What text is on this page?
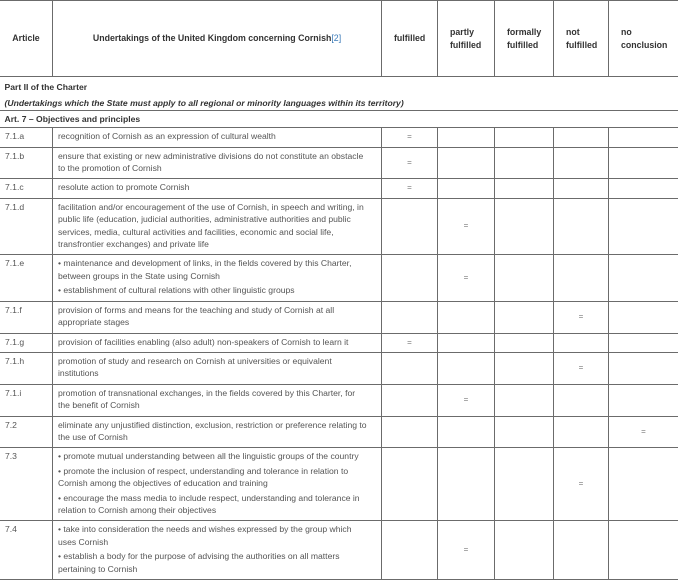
Article	Undertakings of the United Kingdom concerning Cornish[2]	fulfilled	partly fulfilled	formally fulfilled	not fulfilled	no conclusion
Part II of the Charter						
(Undertakings which the State must apply to all regional or minority languages within its territory)						
Art. 7 – Objectives and principles						
7.1.a	recognition of Cornish as an expression of cultural wealth	=				
7.1.b	ensure that existing or new administrative divisions do not constitute an obstacle to the promotion of Cornish	=				
7.1.c	resolute action to promote Cornish	=				
7.1.d	facilitation and/or encouragement of the use of Cornish, in speech and writing, in public life (education, judicial authorities, administrative authorities and public services, media, cultural activities and facilities, economic and social life, transfrontier exchanges) and private life		=			
7.1.e	• maintenance and development of links, in the fields covered by this Charter, between groups in the State using Cornish
• establishment of cultural relations with other linguistic groups		=			
7.1.f	provision of forms and means for the teaching and study of Cornish at all appropriate stages				=	
7.1.g	provision of facilities enabling (also adult) non-speakers of Cornish to learn it	=				
7.1.h	promotion of study and research on Cornish at universities or equivalent institutions				=	
7.1.i	promotion of transnational exchanges, in the fields covered by this Charter, for the benefit of Cornish		=			
7.2	eliminate any unjustified distinction, exclusion, restriction or preference relating to the use of Cornish					=
7.3	• promote mutual understanding between all the linguistic groups of the country
• promote the inclusion of respect, understanding and tolerance in relation to Cornish among the objectives of education and training
• encourage the mass media to include respect, understanding and tolerance in relation to Cornish among their objectives				=	
7.4	• take into consideration the needs and wishes expressed by the group which uses Cornish
• establish a body for the purpose of advising the authorities on all matters pertaining to Cornish		=			
